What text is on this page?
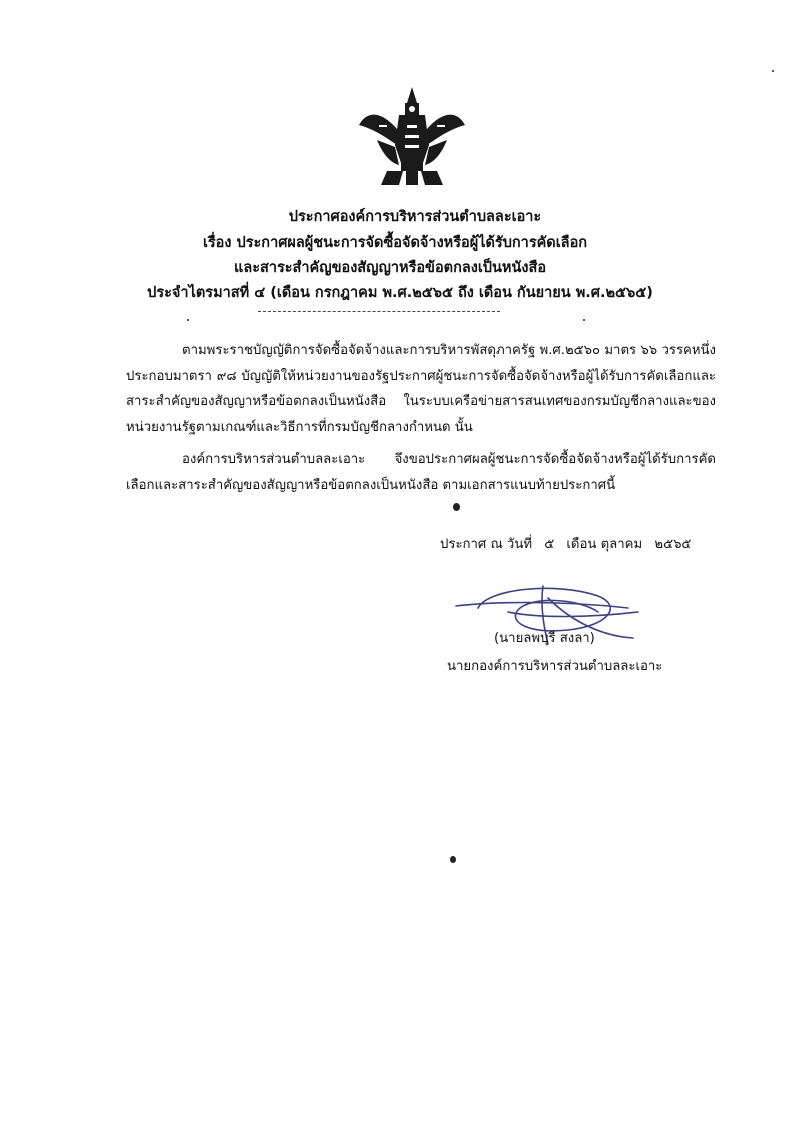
ประกาศองค์การบริหารส่วนตำบลละเอาะ
เรื่อง ประกาศผลผู้ชนะการจัดซื้อจัดจ้างหรือผู้ได้รับการคัดเลือก
และสาระสำคัญของสัญญาหรือข้อตกลงเป็นหนังสือ
ประจำไตรมาสที่ ๔ (เดือน กรกฎาคม พ.ศ.๒๕๖๕ ถึง เดือน กันยายน พ.ศ.๒๕๖๕)
ตามพระราชบัญญัติการจัดซื้อจัดจ้างและการบริหารพัสดุภาครัฐ พ.ศ.๒๕๖๐ มาตร ๖๖ วรรคหนึ่ง ประกอบมาตรา ๙๘ บัญญัติให้หน่วยงานของรัฐประกาศผู้ชนะการจัดซื้อจัดจ้างหรือผู้ได้รับการคัดเลือกและสาระสำคัญของสัญญาหรือข้อตกลงเป็นหนังสือ ในระบบเครือข่ายสารสนเทศของกรมบัญชีกลางและของหน่วยงานรัฐตามเกณฑ์และวิธีการที่กรมบัญชีกลางกำหนด นั้น
องค์การบริหารส่วนตำบลละเอาะ จึงขอประกาศผลผู้ชนะการจัดซื้อจัดจ้างหรือผู้ได้รับการคัดเลือกและสาระสำคัญของสัญญาหรือข้อตกลงเป็นหนังสือ ตามเอกสารแนบท้ายประกาศนี้
ประกาศ ณ วันที่ ๕ เดือน ตุลาคม ๒๕๖๕
(นายลพบุรี สงลา)
นายกองค์การบริหารส่วนตำบลละเอาะ
